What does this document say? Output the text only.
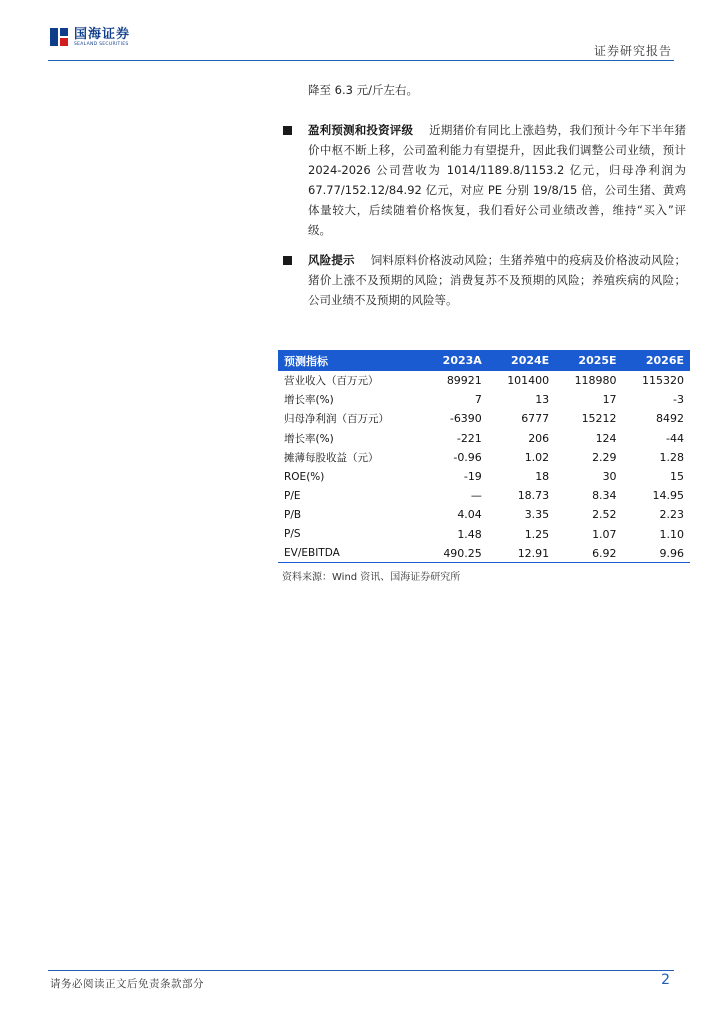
国海证券
SEALAND SECURITIES	证券研究报告
降至 6.3 元/斤左右。
盈利预测和投资评级 近期猪价有同比上涨趋势，我们预计今年下半年猪价中枢不断上移，公司盈利能力有望提升，因此我们调整公司业绩，预计 2024-2026 公司营收为 1014/1189.8/1153.2 亿元，归母净利润为 67.77/152.12/84.92 亿元，对应 PE 分别 19/8/15 倍，公司生猪、黄鸡体量较大，后续随着价格恢复，我们看好公司业绩改善，维持“买入”评级。
风险提示 饲料原料价格波动风险；生猪养殖中的疫病及价格波动风险；猪价上涨不及预期的风险；消费复苏不及预期的风险；养殖疾病的风险；公司业绩不及预期的风险等。
预测指标	2023A	2024E	2025E	2026E
营业收入（百万元）	89921	101400	118980	115320
增长率(%)	7	13	17	-3
归母净利润（百万元）	-6390	6777	15212	8492
增长率(%)	-221	206	124	-44
摊薄每股收益（元）	-0.96	1.02	2.29	1.28
ROE(%)	-19	18	30	15
P/E	—	18.73	8.34	14.95
P/B	4.04	3.35	2.52	2.23
P/S	1.48	1.25	1.07	1.10
EV/EBITDA	490.25	12.91	6.92	9.96
资料来源：Wind 资讯、国海证券研究所
请务必阅读正文后免责条款部分	2
